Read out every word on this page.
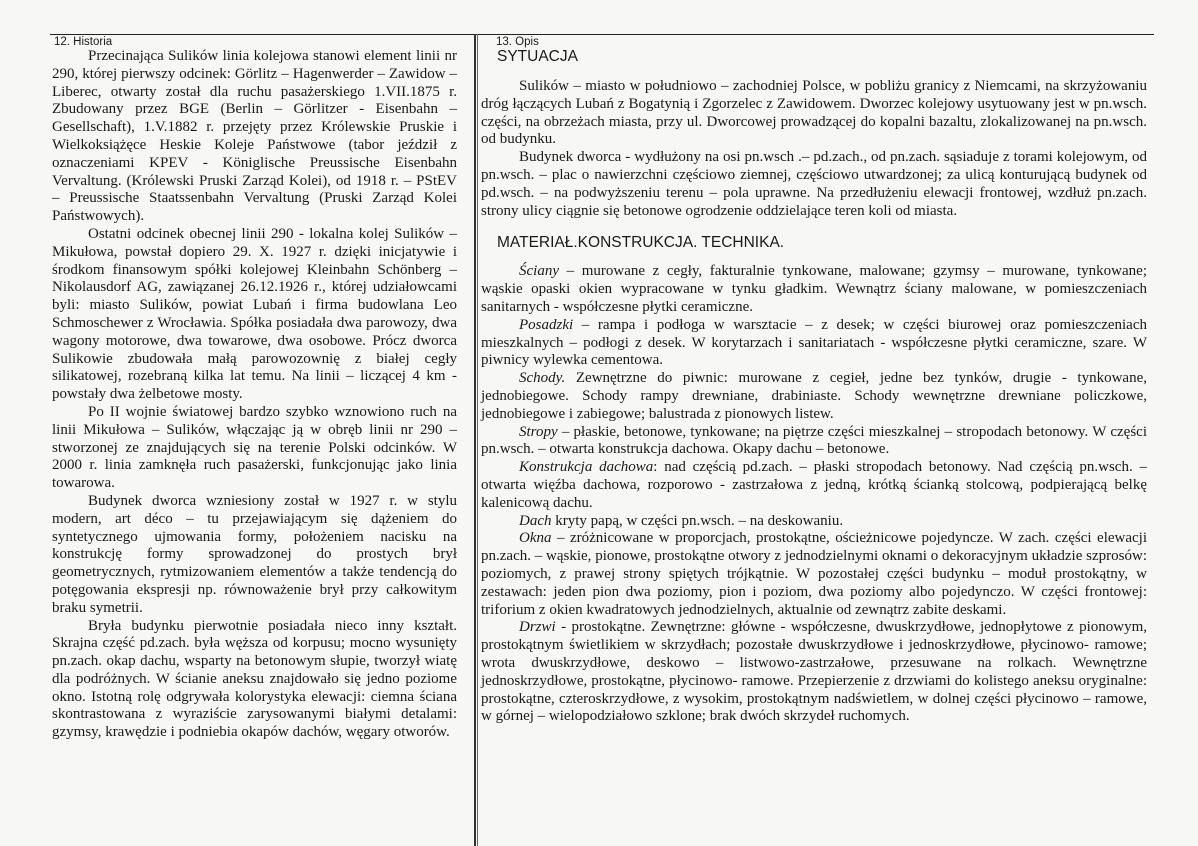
12. Historia	13. Opis

Przecinająca Sulików linia kolejowa stanowi element linii nr 290, której pierwszy odcinek: Görlitz – Hagenwerder – Zawidow – Liberec, otwarty został dla ruchu pasażerskiego 1.VII.1875 r. Zbudowany przez BGE (Berlin – Görlitzer - Eisenbahn – Gesellschaft), 1.V.1882 r. przejęty przez Królewskie Pruskie i Wielkoksiążęce Heskie Koleje Państwowe (tabor jeździł z oznaczeniami KPEV - Königlische Preussische Eisenbahn Vervaltung. (Królewski Pruski Zarząd Kolei), od 1918 r. – PStEV – Preussische Staatssenbahn Vervaltung (Pruski Zarząd Kolei Państwowych).

Ostatni odcinek obecnej linii 290 - lokalna kolej Sulików – Mikułowa, powstał dopiero 29. X. 1927 r. dzięki inicjatywie i środkom finansowym spółki kolejowej Kleinbahn Schönberg – Nikolausdorf AG, zawiązanej 26.12.1926 r., której udziałowcami byli: miasto Sulików, powiat Lubań i firma budowlana Leo Schmoschewer z Wrocławia. Spółka posiadała dwa parowozy, dwa wagony motorowe, dwa towarowe, dwa osobowe. Prócz dworca Sulikowie zbudowała małą parowozownię z białej cegły silikatowej, rozebraną kilka lat temu. Na linii – liczącej 4 km - powstały dwa żelbetowe mosty.

Po II wojnie światowej bardzo szybko wznowiono ruch na linii Mikułowa – Sulików, włączając ją w obręb linii nr 290 – stworzonej ze znajdujących się na terenie Polski odcinków. W 2000 r. linia zamknęła ruch pasażerski, funkcjonując jako linia towarowa.

Budynek dworca wzniesiony został w 1927 r. w stylu modern, art déco – tu przejawiającym się dążeniem do syntetycznego ujmowania formy, położeniem nacisku na konstrukcję formy sprowadzonej do prostych brył geometrycznych, rytmizowaniem elementów a także tendencją do potęgowania ekspresji np. równoważenie brył przy całkowitym braku symetrii.

Bryła budynku pierwotnie posiadała nieco inny kształt. Skrajna część pd.zach. była węższa od korpusu; mocno wysunięty pn.zach. okap dachu, wsparty na betonowym słupie, tworzył wiatę dla podróżnych. W ścianie aneksu znajdowało się jedno poziome okno. Istotną rolę odgrywała kolorystyka elewacji: ciemna ściana skontrastowana z wyraziście zarysowanymi białymi detalami: gzymsy, krawędzie i podniebia okapów dachów, węgary otworów.

SYTUACJA

Sulików – miasto w południowo – zachodniej Polsce, w pobliżu granicy z Niemcami, na skrzyżowaniu dróg łączących Lubań z Bogatynią i Zgorzelec z Zawidowem. Dworzec kolejowy usytuowany jest w pn.wsch. części, na obrzeżach miasta, przy ul. Dworcowej prowadzącej do kopalni bazaltu, zlokalizowanej na pn.wsch. od budynku.

Budynek dworca - wydłużony na osi pn.wsch .– pd.zach., od pn.zach. sąsiaduje z torami kolejowym, od pn.wsch. – plac o nawierzchni częściowo ziemnej, częściowo utwardzonej; za ulicą konturującą budynek od pd.wsch. – na podwyższeniu terenu – pola uprawne. Na przedłużeniu elewacji frontowej, wzdłuż pn.zach. strony ulicy ciągnie się betonowe ogrodzenie oddzielające teren koli od miasta.

MATERIAŁ.KONSTRUKCJA. TECHNIKA.

Ściany – murowane z cegły, fakturalnie tynkowane, malowane; gzymsy – murowane, tynkowane; wąskie opaski okien wypracowane w tynku gładkim. Wewnątrz ściany malowane, w pomieszczeniach sanitarnych - współczesne płytki ceramiczne.

Posadzki – rampa i podłoga w warsztacie – z desek; w części biurowej oraz pomieszczeniach mieszkalnych – podłogi z desek. W korytarzach i sanitariatach - współczesne płytki ceramiczne, szare. W piwnicy wylewka cementowa.

Schody. Zewnętrzne do piwnic: murowane z cegieł, jedne bez tynków, drugie - tynkowane, jednobiegowe. Schody rampy drewniane, drabiniaste. Schody wewnętrzne drewniane policzkowe, jednobiegowe i zabiegowe; balustrada z pionowych listew.

Stropy – płaskie, betonowe, tynkowane; na piętrze części mieszkalnej – stropodach betonowy. W części pn.wsch. – otwarta konstrukcja dachowa. Okapy dachu – betonowe.

Konstrukcja dachowa: nad częścią pd.zach. – płaski stropodach betonowy. Nad częścią pn.wsch. – otwarta więźba dachowa, rozporowo - zastrzałowa z jedną, krótką ścianką stolcową, podpierającą belkę kalenicową dachu.

Dach kryty papą, w części pn.wsch. – na deskowaniu.

Okna – zróżnicowane w proporcjach, prostokątne, ościeżnicowe pojedyncze. W zach. części elewacji pn.zach. – wąskie, pionowe, prostokątne otwory z jednodzielnymi oknami o dekoracyjnym układzie szprosów: poziomych, z prawej strony spiętych trójkątnie. W pozostałej części budynku – moduł prostokątny, w zestawach: jeden pion dwa poziomy, pion i poziom, dwa poziomy albo pojedynczo. W części frontowej: triforium z okien kwadratowych jednodzielnych, aktualnie od zewnątrz zabite deskami.

Drzwi - prostokątne. Zewnętrzne: główne - współczesne, dwuskrzydłowe, jednopłytowe z pionowym, prostokątnym świetlikiem w skrzydłach; pozostałe dwuskrzydłowe i jednoskrzydłowe, płycinowo- ramowe; wrota dwuskrzydłowe, deskowo – listwowo-zastrzałowe, przesuwane na rolkach. Wewnętrzne jednoskrzydłowe, prostokątne, płycinowo- ramowe. Przepierzenie z drzwiami do kolistego aneksu oryginalne: prostokątne, czteroskrzydłowe, z wysokim, prostokątnym nadświetlem, w dolnej części płycinowo – ramowe, w górnej – wielopodziałowo szklone; brak dwóch skrzydeł ruchomych.
